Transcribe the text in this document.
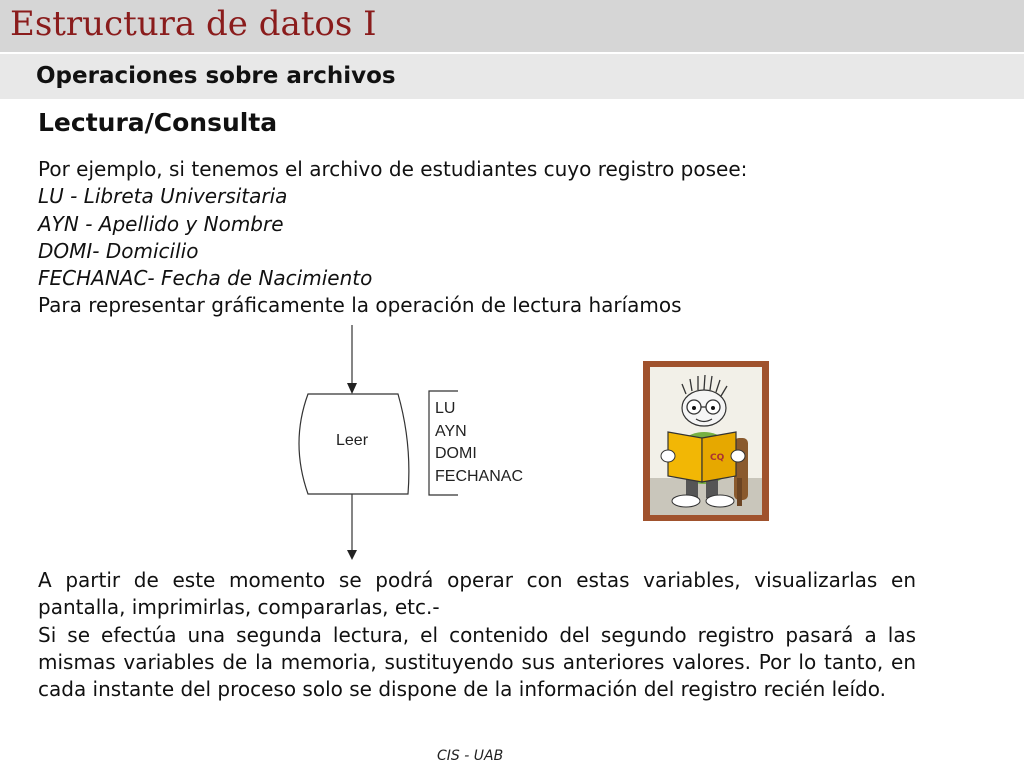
Estructura de datos I
Operaciones sobre archivos
Lectura/Consulta
Por ejemplo, si tenemos el archivo de estudiantes cuyo registro posee:
LU - Libreta Universitaria
AYN - Apellido y Nombre
DOMI- Domicilio
FECHANAC- Fecha de Nacimiento
Para representar gráficamente la operación de lectura haríamos
Leer
LU
AYN
DOMI
FECHANAC
CQ
A partir de este momento se podrá operar con estas variables, visualizarlas en pantalla, imprimirlas, compararlas, etc.-
Si se efectúa una segunda lectura, el contenido del segundo registro pasará a las mismas variables de la memoria, sustituyendo sus anteriores valores. Por lo tanto, en cada instante del proceso solo se dispone de la información del registro recién leído.
CIS - UAB
